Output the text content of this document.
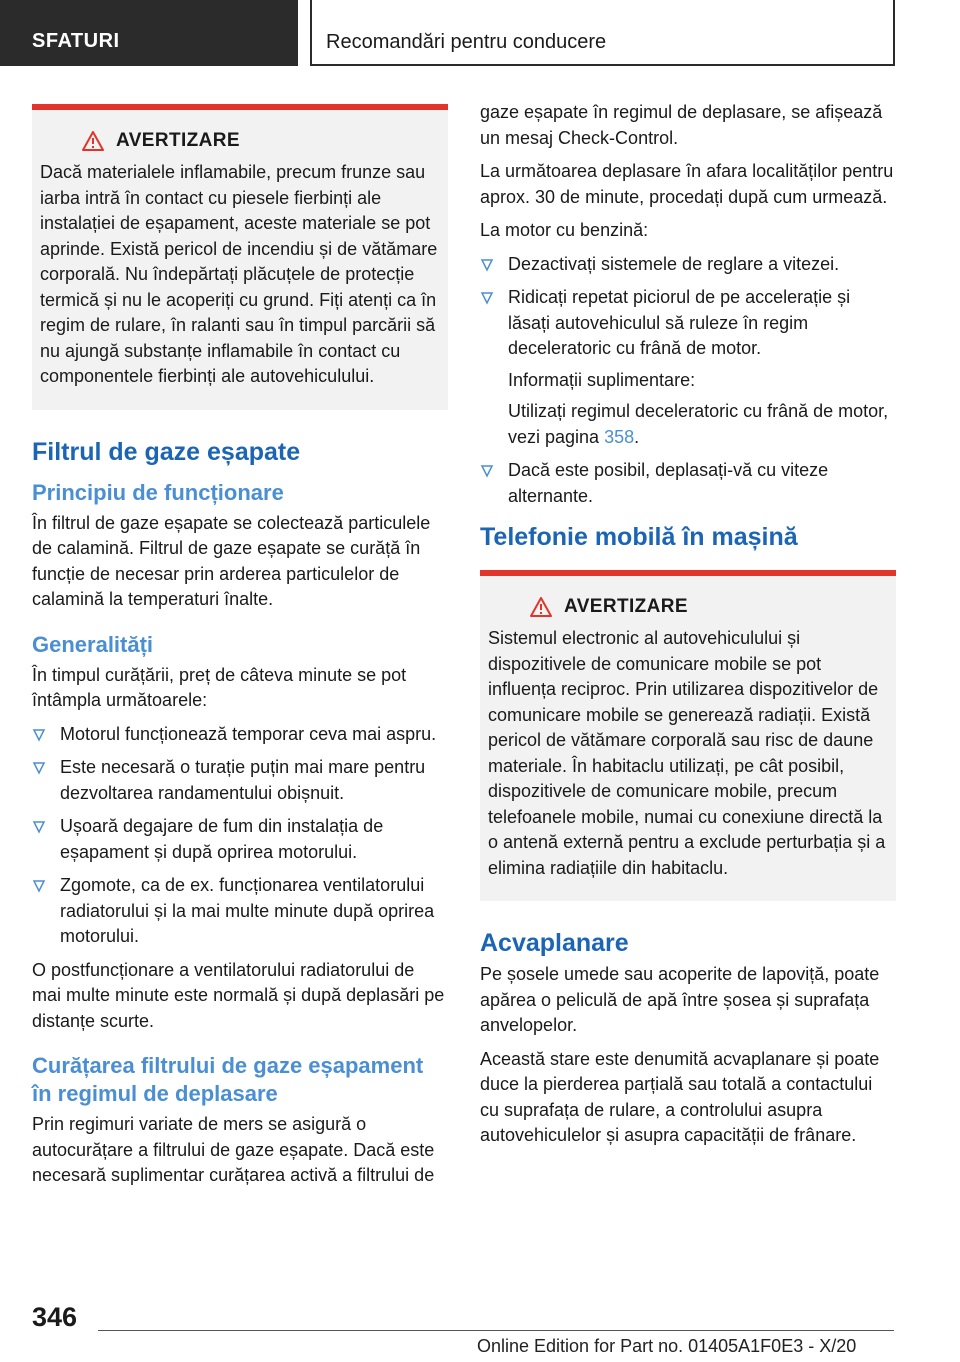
SFATURI	Recomandări pentru conducere
AVERTIZARE

Dacă materialele inflamabile, precum frunze sau iarba intră în contact cu piesele fierbinți ale instalației de eșapament, aceste materiale se pot aprinde. Există pericol de incendiu și de vătămare corporală. Nu îndepărtați plăcuțele de protecție termică și nu le acoperiți cu grund. Fiți atenți ca în regim de rulare, în ralanti sau în timpul parcării să nu ajungă substanțe inflamabile în contact cu componentele fierbinți ale autovehiculului.

Filtrul de gaze eșapate
Principiu de funcționare

În filtrul de gaze eșapate se colectează particulele de calamină. Filtrul de gaze eșapate se curăță în funcție de necesar prin arderea particulelor de calamină la temperaturi înalte.

Generalități

În timpul curățării, preț de câteva minute se pot întâmpla următoarele:

Motorul funcționează temporar ceva mai aspru.
Este necesară o turație puțin mai mare pentru dezvoltarea randamentului obișnuit.
Ușoară degajare de fum din instalația de eșapament și după oprirea motorului.
Zgomote, ca de ex. funcționarea ventilatorului radiatorului și la mai multe minute după oprirea motorului.

O postfuncționare a ventilatorului radiatorului de mai multe minute este normală și după deplasări pe distanțe scurte.

Curățarea filtrului de gaze eșapament în regimul de deplasare

Prin regimuri variate de mers se asigură o autocurățare a filtrului de gaze eșapate. Dacă este necesară suplimentar curățarea activă a filtrului de

gaze eșapate în regimul de deplasare, se afișează un mesaj Check-Control.

La următoarea deplasare în afara localităților pentru aprox. 30 de minute, procedați după cum urmează.

La motor cu benzină:

Dezactivați sistemele de reglare a vitezei.
Ridicați repetat piciorul de pe accelerație și lăsați autovehiculul să ruleze în regim deceleratoric cu frână de motor.
Informații suplimentare:
Utilizați regimul deceleratoric cu frână de motor, vezi pagina 358.
Dacă este posibil, deplasați-vă cu viteze alternante.
Telefonie mobilă în mașină
AVERTIZARE

Sistemul electronic al autovehiculului și dispozitivele de comunicare mobile se pot influența reciproc. Prin utilizarea dispozitivelor de comunicare mobile se generează radiații. Există pericol de vătămare corporală sau risc de daune materiale. În habitaclu utilizați, pe cât posibil, dispozitivele de comunicare mobile, precum telefoanele mobile, numai cu conexiune directă la o antenă externă pentru a exclude perturbația și a elimina radiațiile din habitaclu.

Acvaplanare

Pe șosele umede sau acoperite de lapoviță, poate apărea o peliculă de apă între șosea și suprafața anvelopelor.

Această stare este denumită acvaplanare și poate duce la pierderea parțială sau totală a contactului cu suprafața de rulare, a controlului asupra autovehiculelor și asupra capacității de frânare.

346
Online Edition for Part no. 01405A1F0E3 - X/20
